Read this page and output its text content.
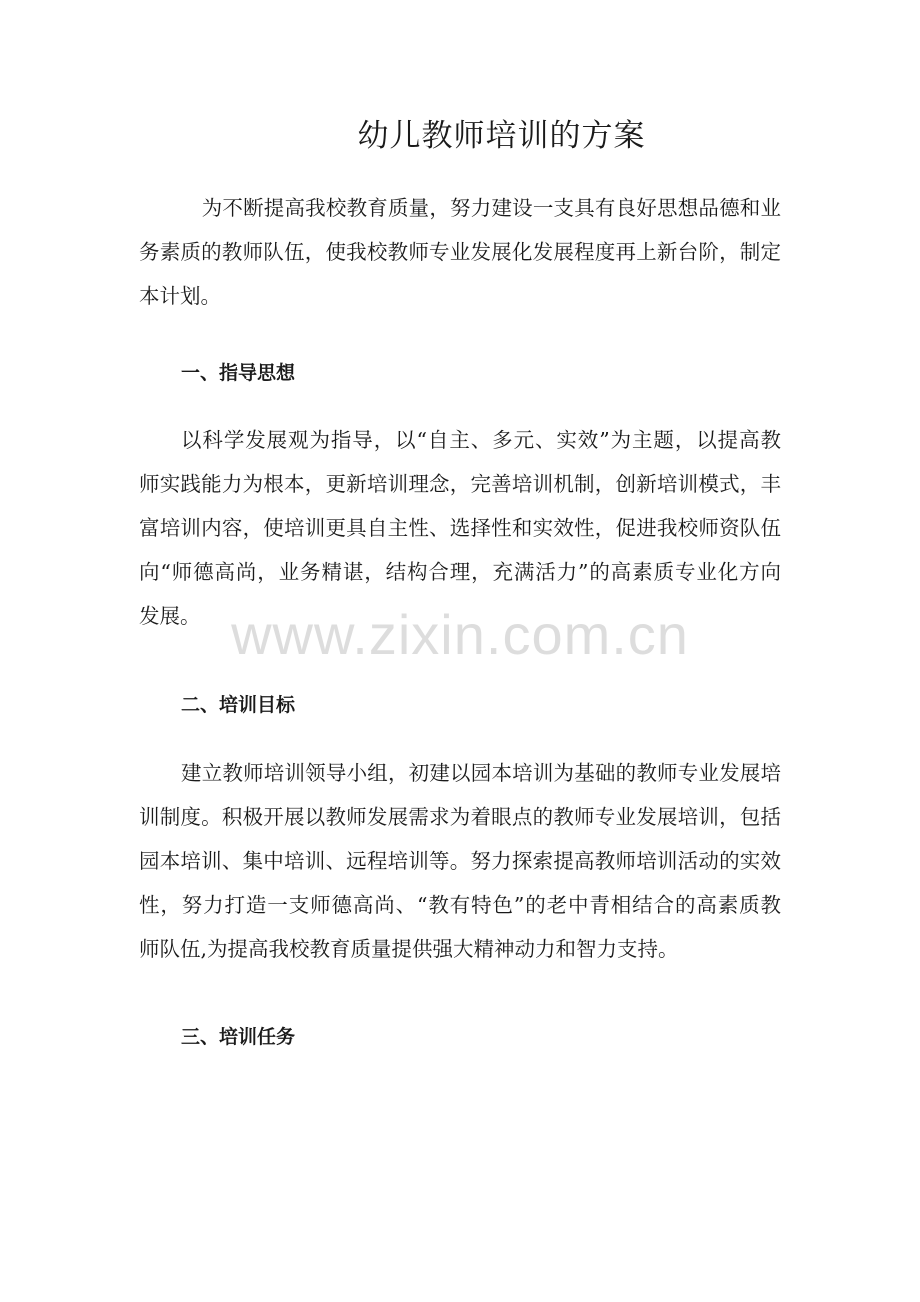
幼儿教师培训的方案
　为不断提高我校教育质量，努力建设一支具有良好思想品德和业
务素质的教师队伍，使我校教师专业发展化发展程度再上新台阶，制定
本计划。
一、指导思想
以科学发展观为指导，以“自主、多元、实效”为主题，以提高教
师实践能力为根本，更新培训理念，完善培训机制，创新培训模式，丰
富培训内容，使培训更具自主性、选择性和实效性，促进我校师资队伍
向“师德高尚，业务精谌，结构合理，充满活力”的高素质专业化方向
发展。
二、培训目标
建立教师培训领导小组，初建以园本培训为基础的教师专业发展培
训制度。积极开展以教师发展需求为着眼点的教师专业发展培训，包括
园本培训、集中培训、远程培训等。努力探索提高教师培训活动的实效
性，努力打造一支师德高尚、“教有特色”的老中青相结合的高素质教
师队伍,为提高我校教育质量提供强大精神动力和智力支持。
三、培训任务
www.zixin.com.cn
